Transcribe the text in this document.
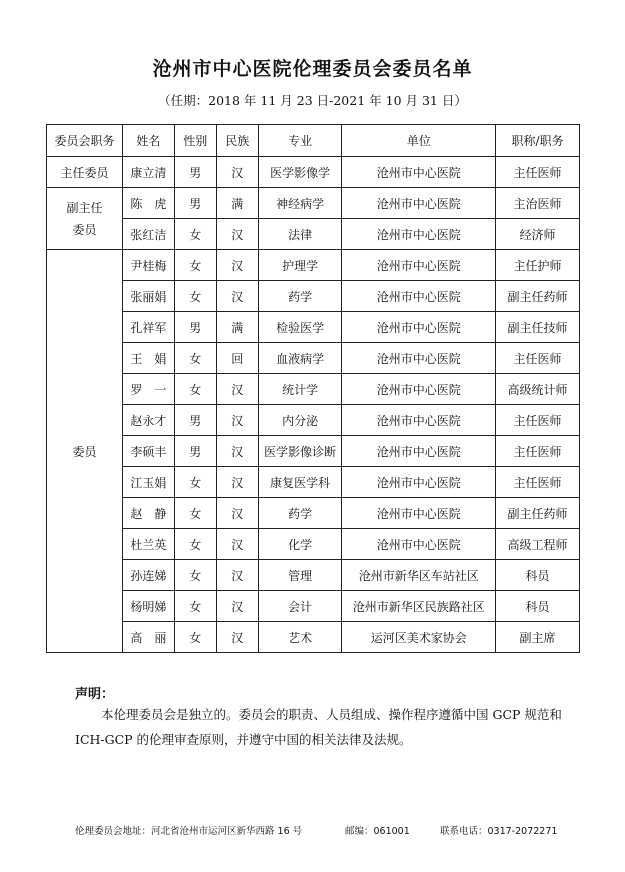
沧州市中心医院伦理委员会委员名单
（任期：2018 年 11 月 23 日-2021 年 10 月 31 日）
委员会职务	姓名	性别	民族	专业	单位	职称/职务
主任委员	康立清	男	汉	医学影像学	沧州市中心医院	主任医师
副主任委员	陈　虎	男	满	神经病学	沧州市中心医院	主治医师
	张红洁	女	汉	法律	沧州市中心医院	经济师
委员	尹桂梅	女	汉	护理学	沧州市中心医院	主任护师
	张丽娟	女	汉	药学	沧州市中心医院	副主任药师
	孔祥军	男	满	检验医学	沧州市中心医院	副主任技师
	王　娟	女	回	血液病学	沧州市中心医院	主任医师
	罗　一	女	汉	统计学	沧州市中心医院	高级统计师
	赵永才	男	汉	内分泌	沧州市中心医院	主任医师
	李硕丰	男	汉	医学影像诊断	沧州市中心医院	主任医师
	江玉娟	女	汉	康复医学科	沧州市中心医院	主任医师
	赵　静	女	汉	药学	沧州市中心医院	副主任药师
	杜兰英	女	汉	化学	沧州市中心医院	高级工程师
	孙连娣	女	汉	管理	沧州市新华区车站社区	科员
	杨明娣	女	汉	会计	沧州市新华区民族路社区	科员
	高　丽	女	汉	艺术	运河区美术家协会	副主席
声明：
本伦理委员会是独立的。委员会的职责、人员组成、操作程序遵循中国 GCP 规范和 ICH-GCP 的伦理审查原则，并遵守中国的相关法律及法规。
伦理委员会地址：河北省沧州市运河区新华西路 16 号	邮编：061001	联系电话：0317-2072271
